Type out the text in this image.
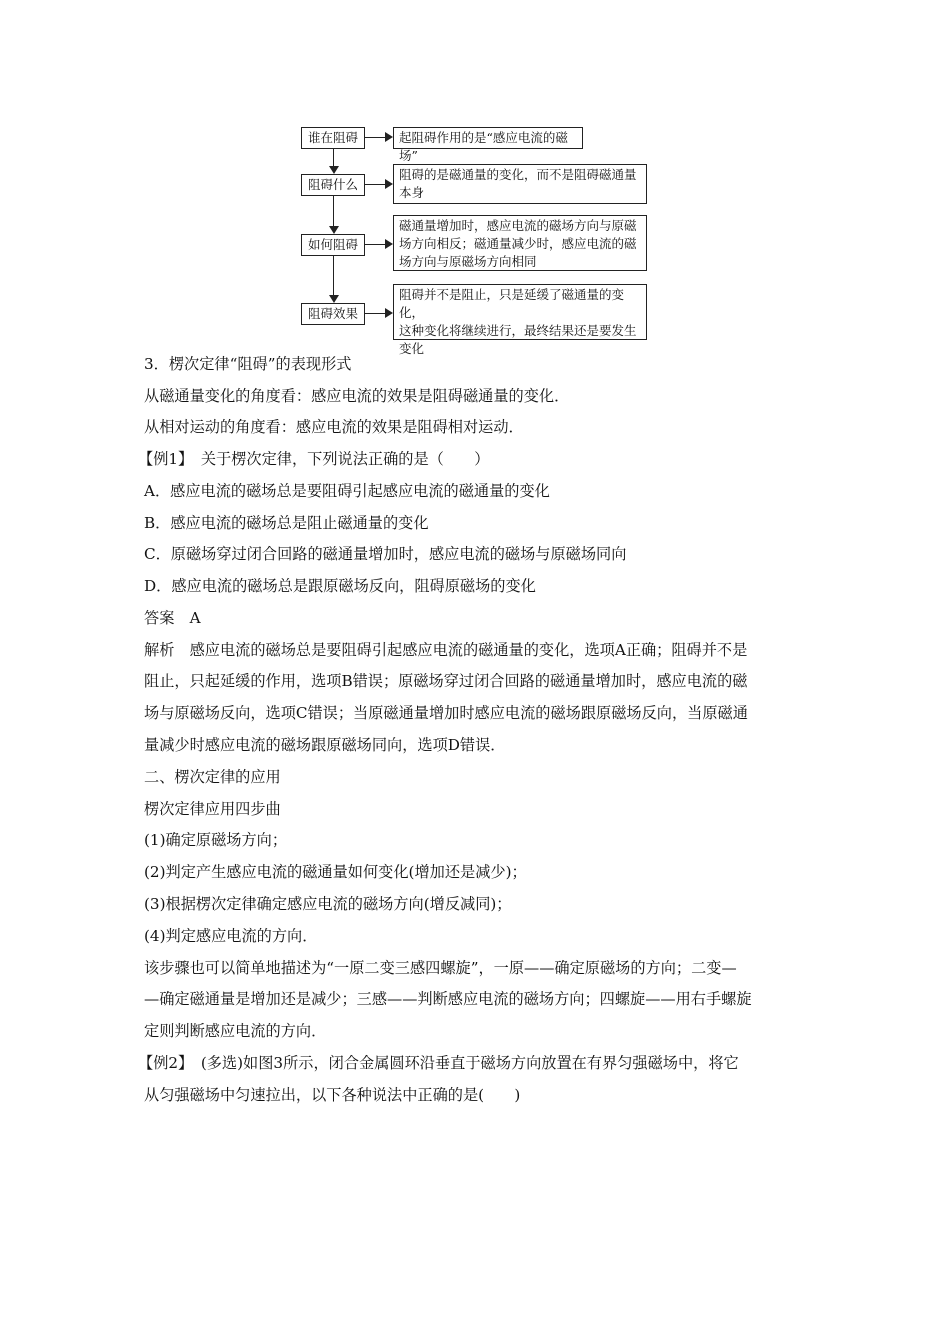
谁在阻碍
阻碍什么
如何阻碍
阻碍效果
起阻碍作用的是“感应电流的磁场”
阻碍的是磁通量的变化，而不是阻碍磁通量
本身
磁通量增加时，感应电流的磁场方向与原磁
场方向相反；磁通量减少时，感应电流的磁
场方向与原磁场方向相同
阻碍并不是阻止，只是延缓了磁通量的变化，
这种变化将继续进行，最终结果还是要发生
变化
3．楞次定律“阻碍”的表现形式
从磁通量变化的角度看：感应电流的效果是阻碍磁通量的变化．
从相对运动的角度看：感应电流的效果是阻碍相对运动．
【例1】　关于楞次定律，下列说法正确的是（　　）
A．感应电流的磁场总是要阻碍引起感应电流的磁通量的变化
B．感应电流的磁场总是阻止磁通量的变化
C．原磁场穿过闭合回路的磁通量增加时，感应电流的磁场与原磁场同向
D．感应电流的磁场总是跟原磁场反向，阻碍原磁场的变化
答案　A
解析　感应电流的磁场总是要阻碍引起感应电流的磁通量的变化，选项A正确；阻碍并不是
阻止，只起延缓的作用，选项B错误；原磁场穿过闭合回路的磁通量增加时，感应电流的磁
场与原磁场反向，选项C错误；当原磁通量增加时感应电流的磁场跟原磁场反向，当原磁通
量减少时感应电流的磁场跟原磁场同向，选项D错误．
二、楞次定律的应用
楞次定律应用四步曲
(1)确定原磁场方向；
(2)判定产生感应电流的磁通量如何变化(增加还是减少)；
(3)根据楞次定律确定感应电流的磁场方向(增反减同)；
(4)判定感应电流的方向．
该步骤也可以简单地描述为“一原二变三感四螺旋”，一原——确定原磁场的方向；二变—
—确定磁通量是增加还是减少；三感——判断感应电流的磁场方向；四螺旋——用右手螺旋
定则判断感应电流的方向．
【例2】　(多选)如图3所示，闭合金属圆环沿垂直于磁场方向放置在有界匀强磁场中，将它
从匀强磁场中匀速拉出，以下各种说法中正确的是(　　)
